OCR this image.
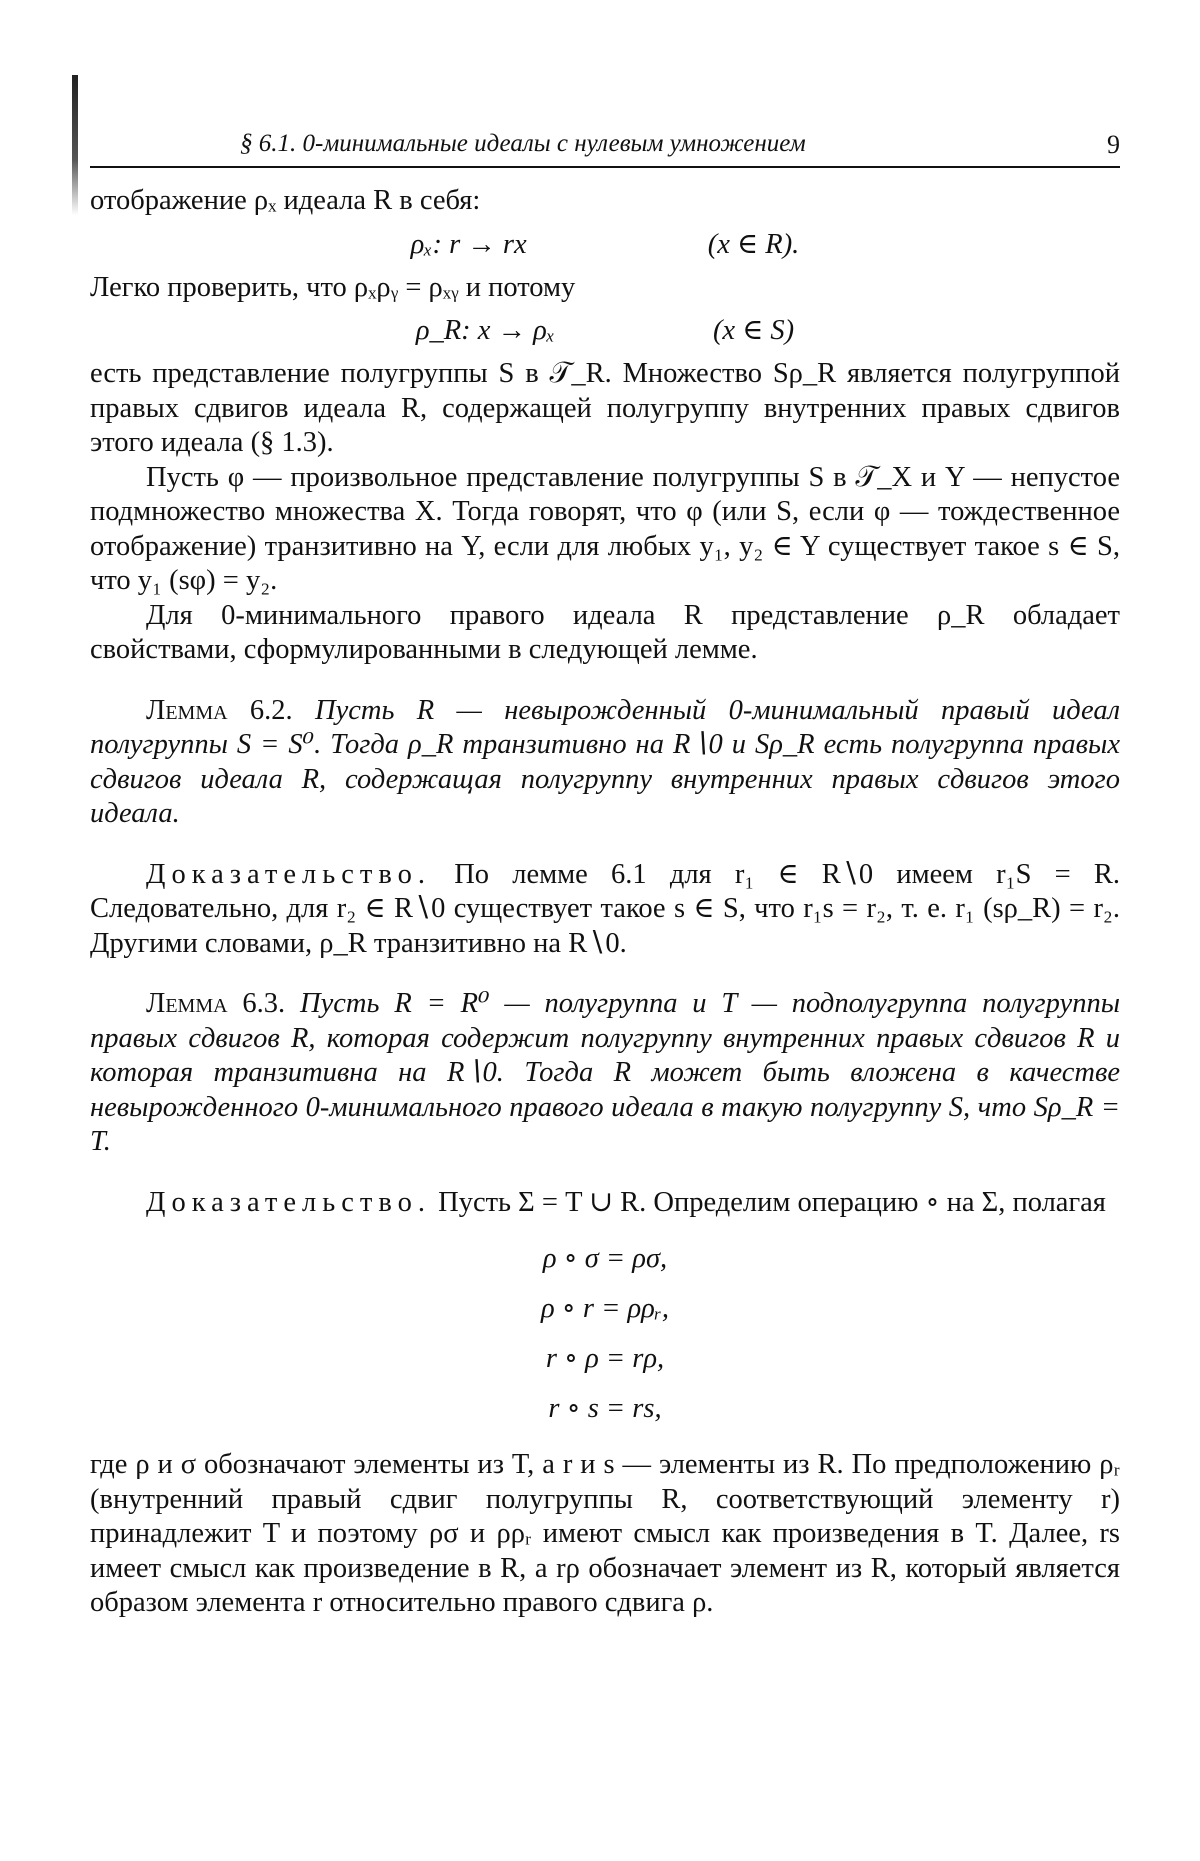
§ 6.1. 0-минимальные идеалы с нулевым умножением	9

отображение ρₓ идеала R в себя:

ρₓ: r → rx	(x ∈ R).

Легко проверить, что ρₓρᵧ = ρₓᵧ и потому

ρ_R: x → ρₓ	(x ∈ S)

есть представление полугруппы S в 𝒯_R. Множество Sρ_R является полугруппой правых сдвигов идеала R, содержащей полугруппу внутренних правых сдвигов этого идеала (§ 1.3).

Пусть φ — произвольное представление полугруппы S в 𝒯_X и Y — непустое подмножество множества X. Тогда говорят, что φ (или S, если φ — тождественное отображение) транзитивно на Y, если для любых y₁, y₂ ∈ Y существует такое s ∈ S, что y₁ (sφ) = y₂.

Для 0-минимального правого идеала R представление ρ_R обладает свойствами, сформулированными в следующей лемме.

Лемма 6.2. Пусть R — невырожденный 0-минимальный правый идеал полугруппы S = S⁰. Тогда ρ_R транзитивно на R∖0 и Sρ_R есть полугруппа правых сдвигов идеала R, содержащая полугруппу внутренних правых сдвигов этого идеала.

Доказательство. По лемме 6.1 для r₁ ∈ R∖0 имеем r₁S = R. Следовательно, для r₂ ∈ R∖0 существует такое s ∈ S, что r₁s = r₂, т. е. r₁ (sρ_R) = r₂. Другими словами, ρ_R транзитивно на R∖0.

Лемма 6.3. Пусть R = R⁰ — полугруппа и T — подполугруппа полугруппы правых сдвигов R, которая содержит полугруппу внутренних правых сдвигов R и которая транзитивна на R∖0. Тогда R может быть вложена в качестве невырожденного 0-минимального правого идеала в такую полугруппу S, что Sρ_R = T.

Доказательство. Пусть Σ = T ∪ R. Определим операцию ∘ на Σ, полагая

ρ ∘ σ = ρσ,
ρ ∘ r = ρρᵣ,
r ∘ ρ = rρ,
r ∘ s = rs,

где ρ и σ обозначают элементы из T, а r и s — элементы из R. По предположению ρᵣ (внутренний правый сдвиг полугруппы R, соответствующий элементу r) принадлежит T и поэтому ρσ и ρρᵣ имеют смысл как произведения в T. Далее, rs имеет смысл как произведение в R, а rρ обозначает элемент из R, который является образом элемента r относительно правого сдвига ρ.
